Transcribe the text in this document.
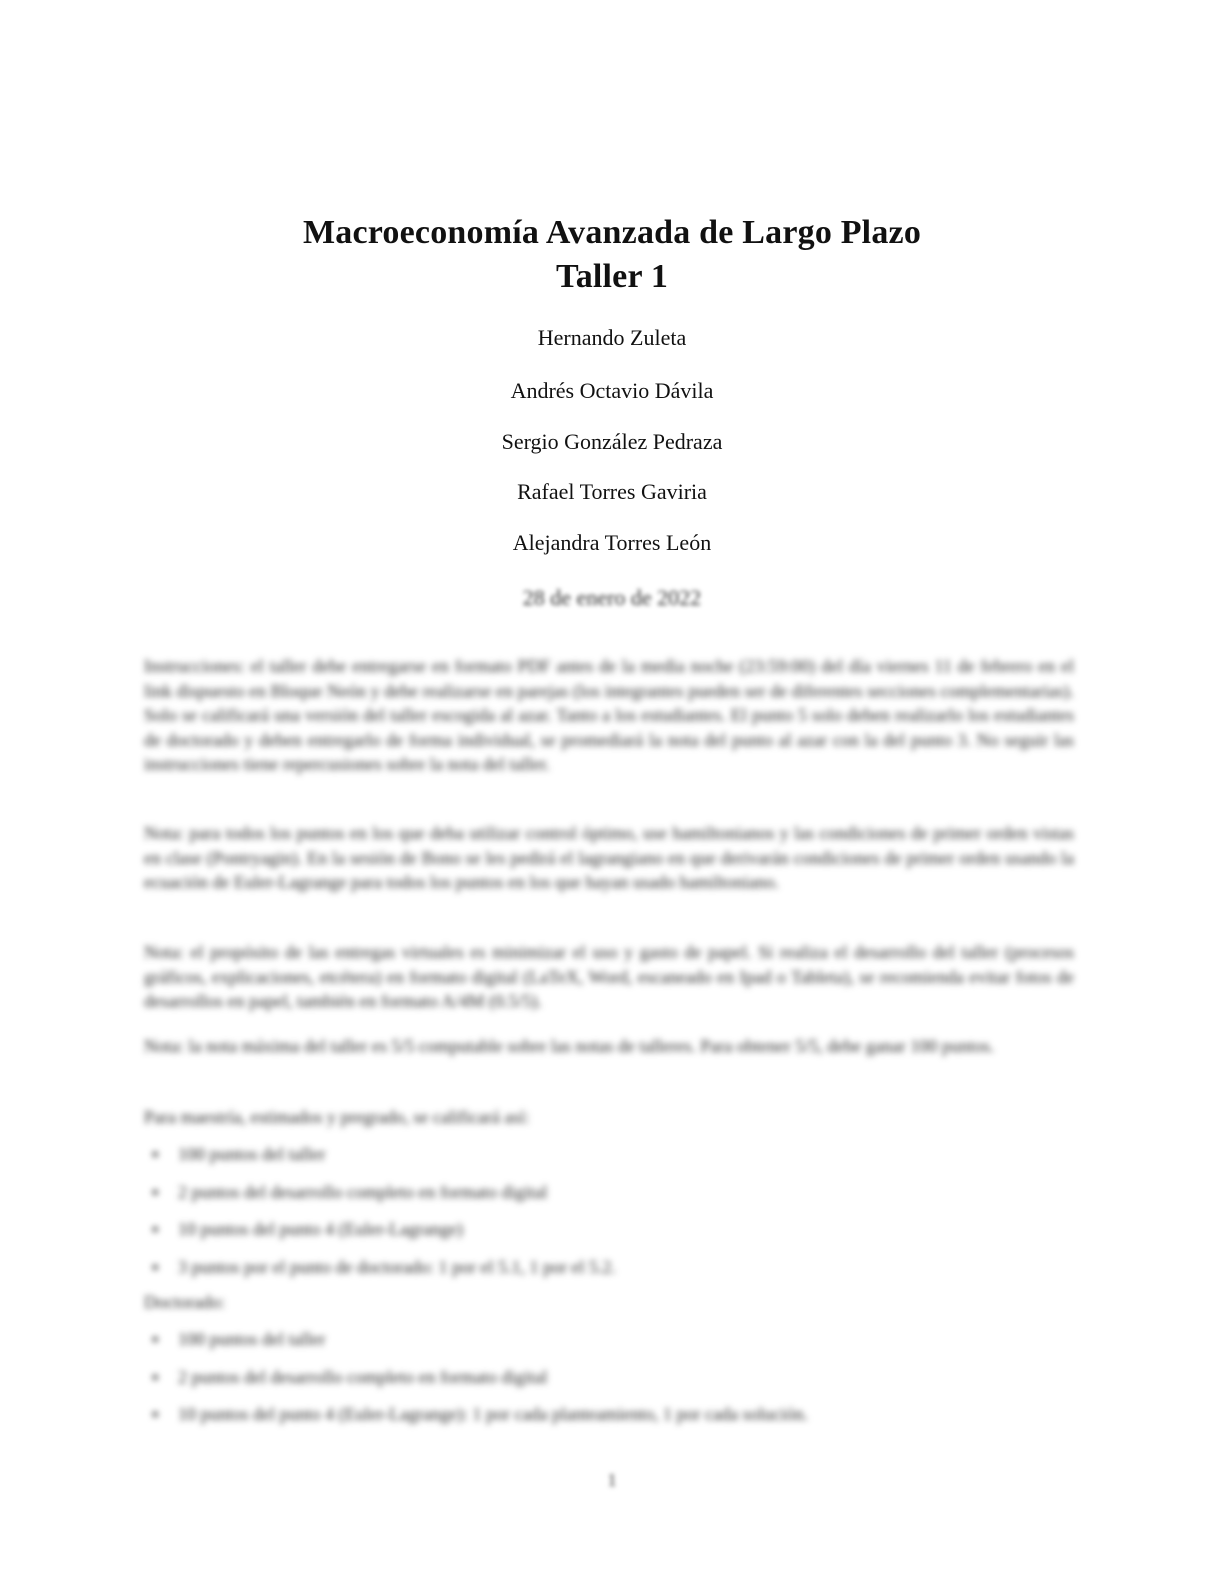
Macroeconomía Avanzada de Largo Plazo
Taller 1
Hernando Zuleta
Andrés Octavio Dávila
Sergio González Pedraza
Rafael Torres Gaviria
Alejandra Torres León
28 de enero de 2022
Instrucciones: el taller debe entregarse en formato PDF antes de la media noche (23:59:00) del día viernes 11 de febrero en el link dispuesto en Bloque Neón y debe realizarse en parejas (los integrantes pueden ser de diferentes secciones complementarias). Solo se calificará una versión del taller escogida al azar. Tanto a los estudiantes. El punto 5 solo deben realizarlo los estudiantes de doctorado y deben entregarlo de forma individual, se promediará la nota del punto al azar con la del punto 3. No seguir las instrucciones tiene repercusiones sobre la nota del taller.
Nota: para todos los puntos en los que deba utilizar control óptimo, use hamiltonianos y las condiciones de primer orden vistas en clase (Pontryagin). En la sesión de Bono se les pedirá el lagrangiano en que derivarán condiciones de primer orden usando la ecuación de Euler-Lagrange para todos los puntos en los que hayan usado hamiltoniano.
Nota: el propósito de las entregas virtuales es minimizar el uso y gasto de papel. Si realiza el desarrollo del taller (procesos gráficos, explicaciones, etcétera) en formato digital (LaTeX, Word, escaneado en Ipad o Tableta), se recomienda evitar fotos de desarrollos en papel, también en formato A/4M (0.5/5).
Nota: la nota máxima del taller es 5/5 computable sobre las notas de talleres. Para obtener 5/5, debe ganar 100 puntos.
Para maestría, estimados y pregrado, se calificará así:
▪ 100 puntos del taller
▪ 2 puntos del desarrollo completo en formato digital
▪ 10 puntos del punto 4 (Euler-Lagrange)
▪ 3 puntos por el punto de doctorado: 1 por el 5.1, 1 por el 5.2.
Doctorado:
▪ 100 puntos del taller
▪ 2 puntos del desarrollo completo en formato digital
▪ 10 puntos del punto 4 (Euler-Lagrange): 1 por cada planteamiento, 1 por cada solución.
1
